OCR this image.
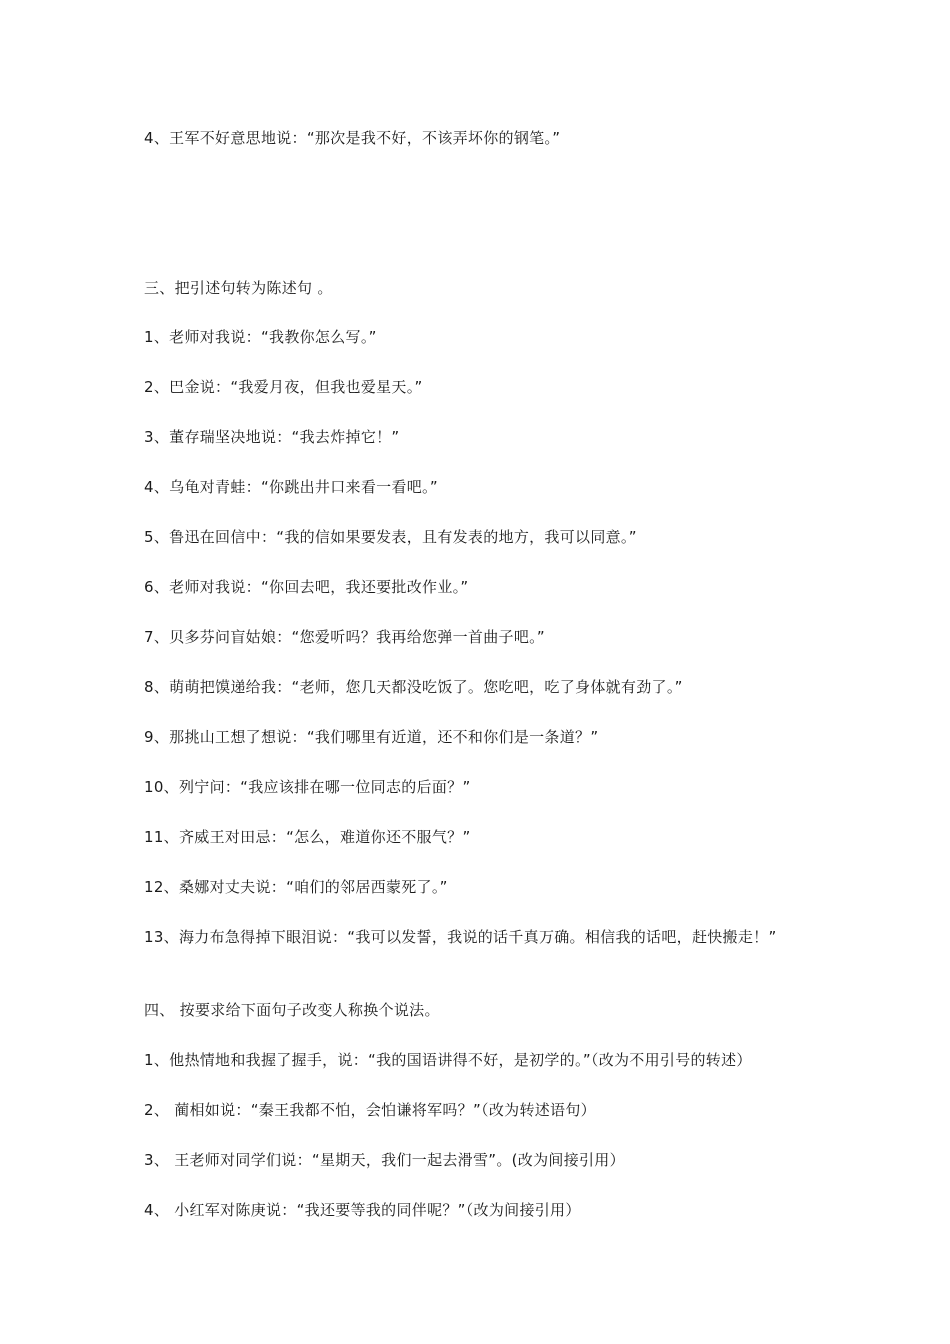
4、王军不好意思地说：“那次是我不好，不该弄坏你的钢笔。”
三、把引述句转为陈述句 。
1、老师对我说：“我教你怎么写。”
2、巴金说：“我爱月夜，但我也爱星天。”
3、董存瑞坚决地说：“我去炸掉它！”
4、乌龟对青蛙：“你跳出井口来看一看吧。”
5、鲁迅在回信中：“我的信如果要发表，且有发表的地方，我可以同意。”
6、老师对我说：“你回去吧，我还要批改作业。”
7、贝多芬问盲姑娘：“您爱听吗？我再给您弹一首曲子吧。”
8、萌萌把馍递给我：“老师，您几天都没吃饭了。您吃吧，吃了身体就有劲了。”
9、那挑山工想了想说：“我们哪里有近道，还不和你们是一条道？”
10、列宁问：“我应该排在哪一位同志的后面？”
11、齐威王对田忌：“怎么，难道你还不服气？”
12、桑娜对丈夫说：“咱们的邻居西蒙死了。”
13、海力布急得掉下眼泪说：“我可以发誓，我说的话千真万确。相信我的话吧，赶快搬走！”
四、 按要求给下面句子改变人称换个说法。
1、他热情地和我握了握手，说：“我的国语讲得不好，是初学的。”（改为不用引号的转述）
2、 蔺相如说：“秦王我都不怕，会怕谦将军吗？”（改为转述语句）
3、 王老师对同学们说：“星期天，我们一起去滑雪”。(改为间接引用）
4、 小红军对陈庚说：“我还要等我的同伴呢？”（改为间接引用）
